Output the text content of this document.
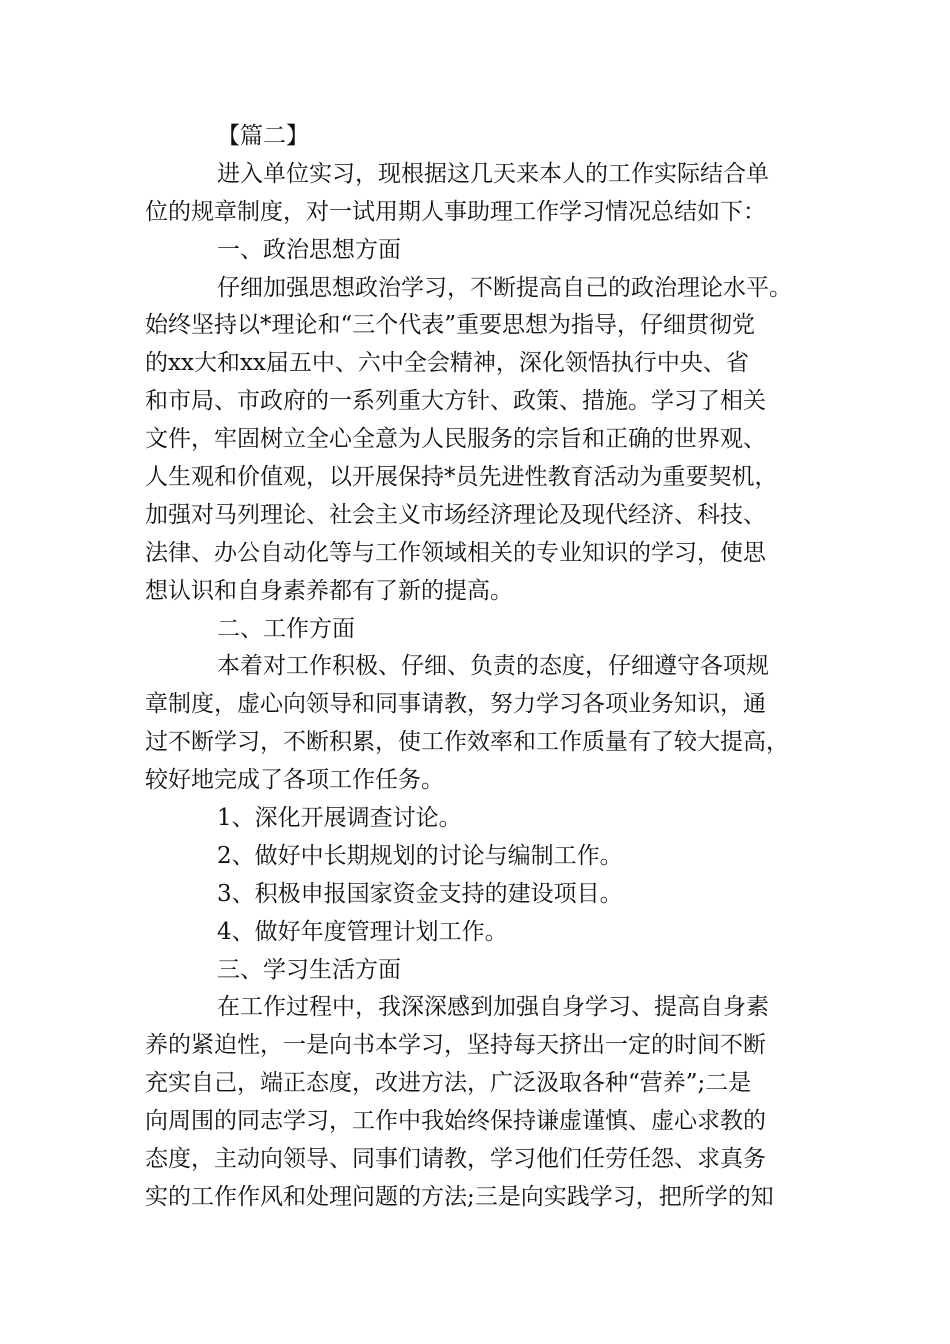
【篇二】
进入单位实习，现根据这几天来本人的工作实际结合单
位的规章制度，对一试用期人事助理工作学习情况总结如下：
一、政治思想方面
仔细加强思想政治学习，不断提高自己的政治理论水平。
始终坚持以*理论和“三个代表”重要思想为指导，仔细贯彻党
的xx大和xx届五中、六中全会精神，深化领悟执行中央、省
和市局、市政府的一系列重大方针、政策、措施。学习了相关
文件，牢固树立全心全意为人民服务的宗旨和正确的世界观、
人生观和价值观，以开展保持*员先进性教育活动为重要契机，
加强对马列理论、社会主义市场经济理论及现代经济、科技、
法律、办公自动化等与工作领域相关的专业知识的学习，使思
想认识和自身素养都有了新的提高。
二、工作方面
本着对工作积极、仔细、负责的态度，仔细遵守各项规
章制度，虚心向领导和同事请教，努力学习各项业务知识，通
过不断学习，不断积累，使工作效率和工作质量有了较大提高，
较好地完成了各项工作任务。
1、深化开展调查讨论。
2、做好中长期规划的讨论与编制工作。
3、积极申报国家资金支持的建设项目。
4、做好年度管理计划工作。
三、学习生活方面
在工作过程中，我深深感到加强自身学习、提高自身素
养的紧迫性，一是向书本学习，坚持每天挤出一定的时间不断
充实自己，端正态度，改进方法，广泛汲取各种“营养”;二是
向周围的同志学习，工作中我始终保持谦虚谨慎、虚心求教的
态度，主动向领导、同事们请教，学习他们任劳任怨、求真务
实的工作作风和处理问题的方法;三是向实践学习，把所学的知
